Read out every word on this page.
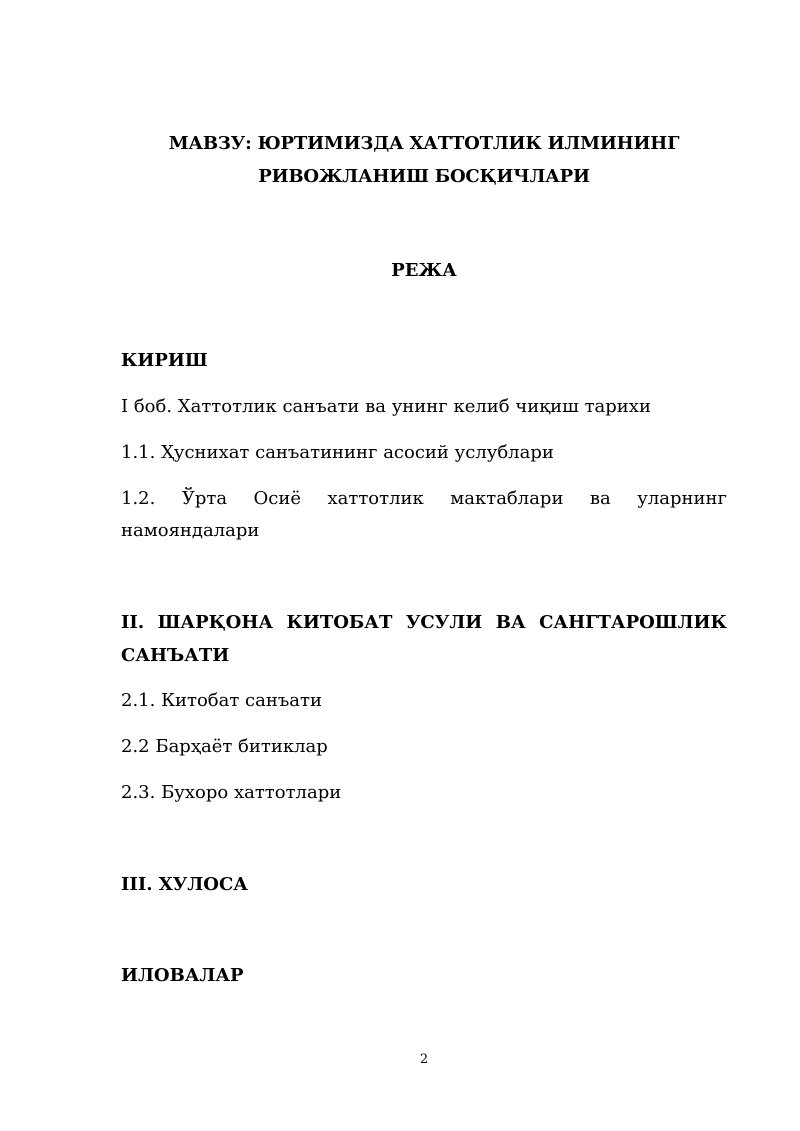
МАВЗУ: ЮРТИМИЗДА ХАТТОТЛИК ИЛМИНИНГ
РИВОЖЛАНИШ БОСҚИЧЛАРИ
РЕЖА
КИРИШ
I боб. Хаттотлик санъати ва унинг келиб чиқиш тарихи
1.1. Ҳуснихат санъатининг асосий услублари
1.2. Ўрта Осиё хаттотлик мактаблари ва уларнинг
намояндалари
II. ШАРҚОНА КИТОБАТ УСУЛИ ВА САНГТАРОШЛИК
САНЪАТИ
2.1. Китобат санъати
2.2 Барҳаёт битиклар
2.3. Бухоро хаттотлари
III. ХУЛОСА
ИЛОВАЛАР
2
